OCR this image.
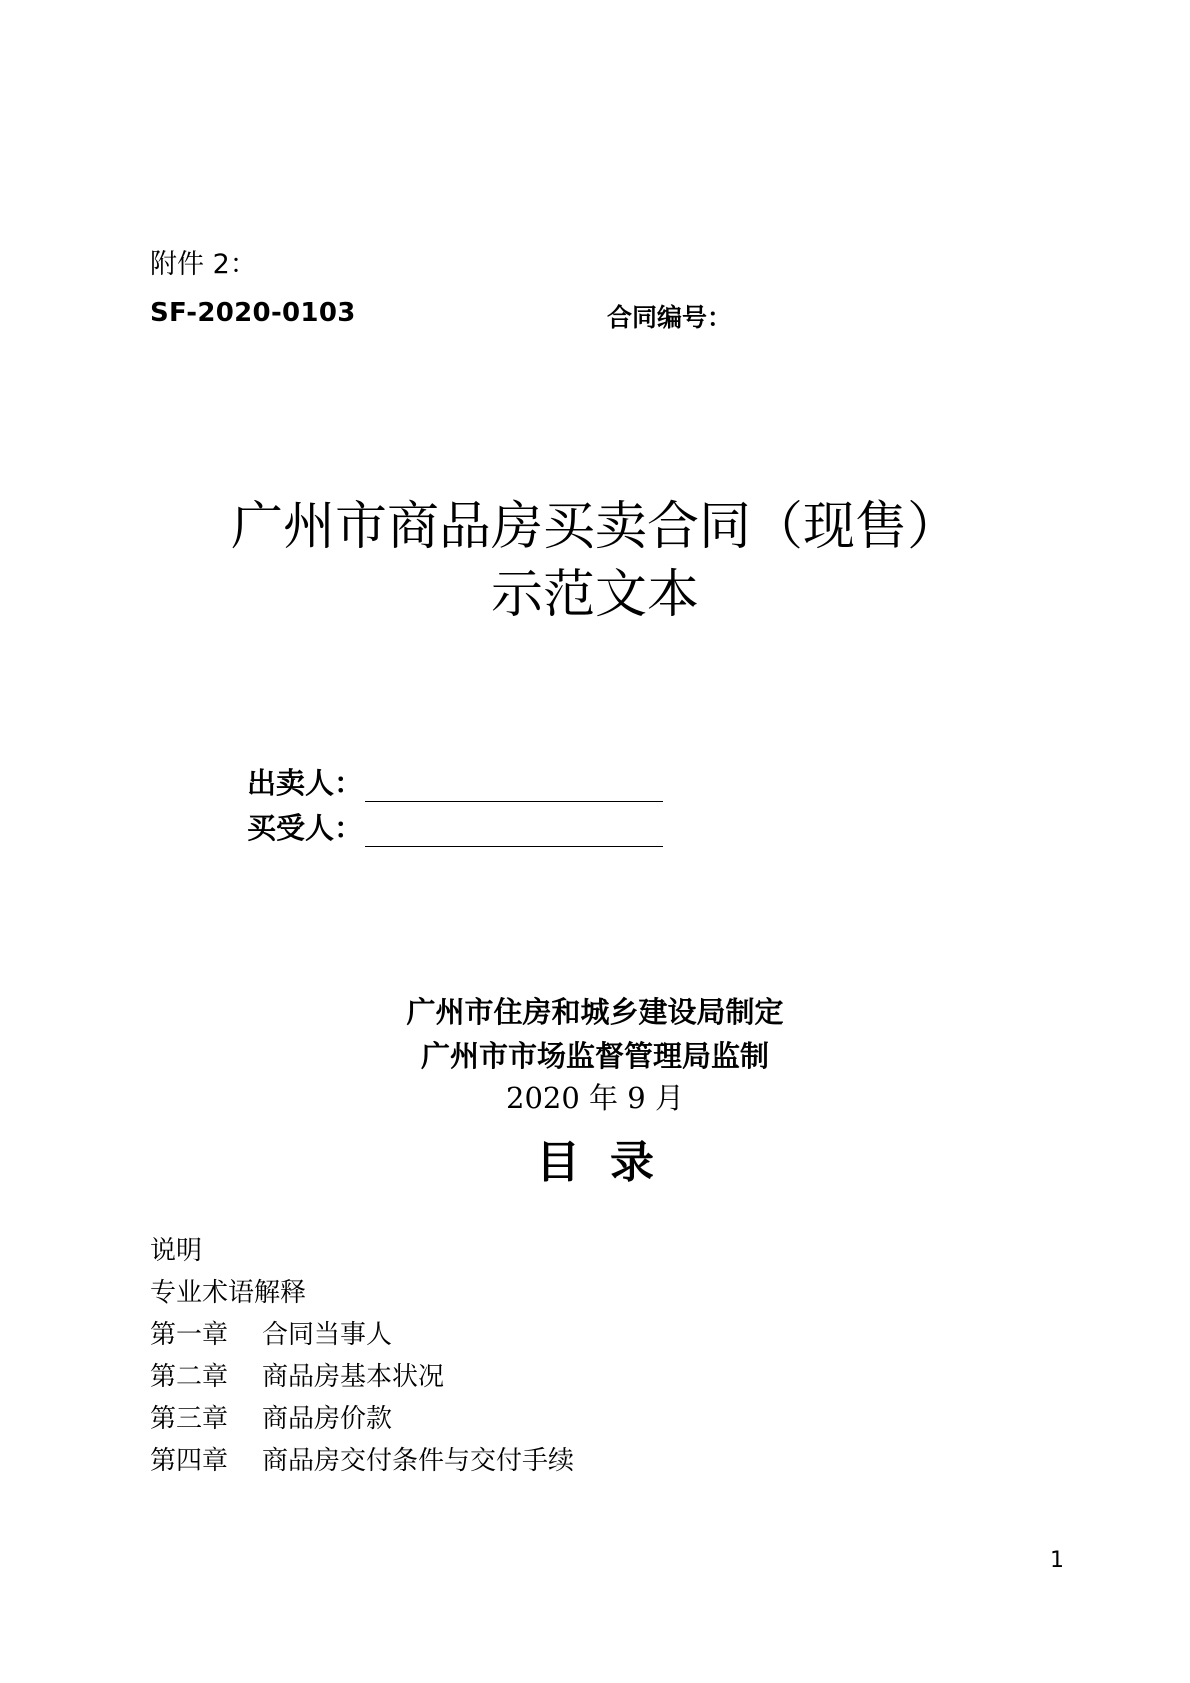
附件 2：
SF-2020-0103	合同编号：
广州市商品房买卖合同（现售）
示范文本
出卖人：
买受人：
广州市住房和城乡建设局制定
广州市市场监督管理局监制
2020 年 9 月
目录
说明
专业术语解释
第一章 合同当事人
第二章 商品房基本状况
第三章 商品房价款
第四章 商品房交付条件与交付手续
1
